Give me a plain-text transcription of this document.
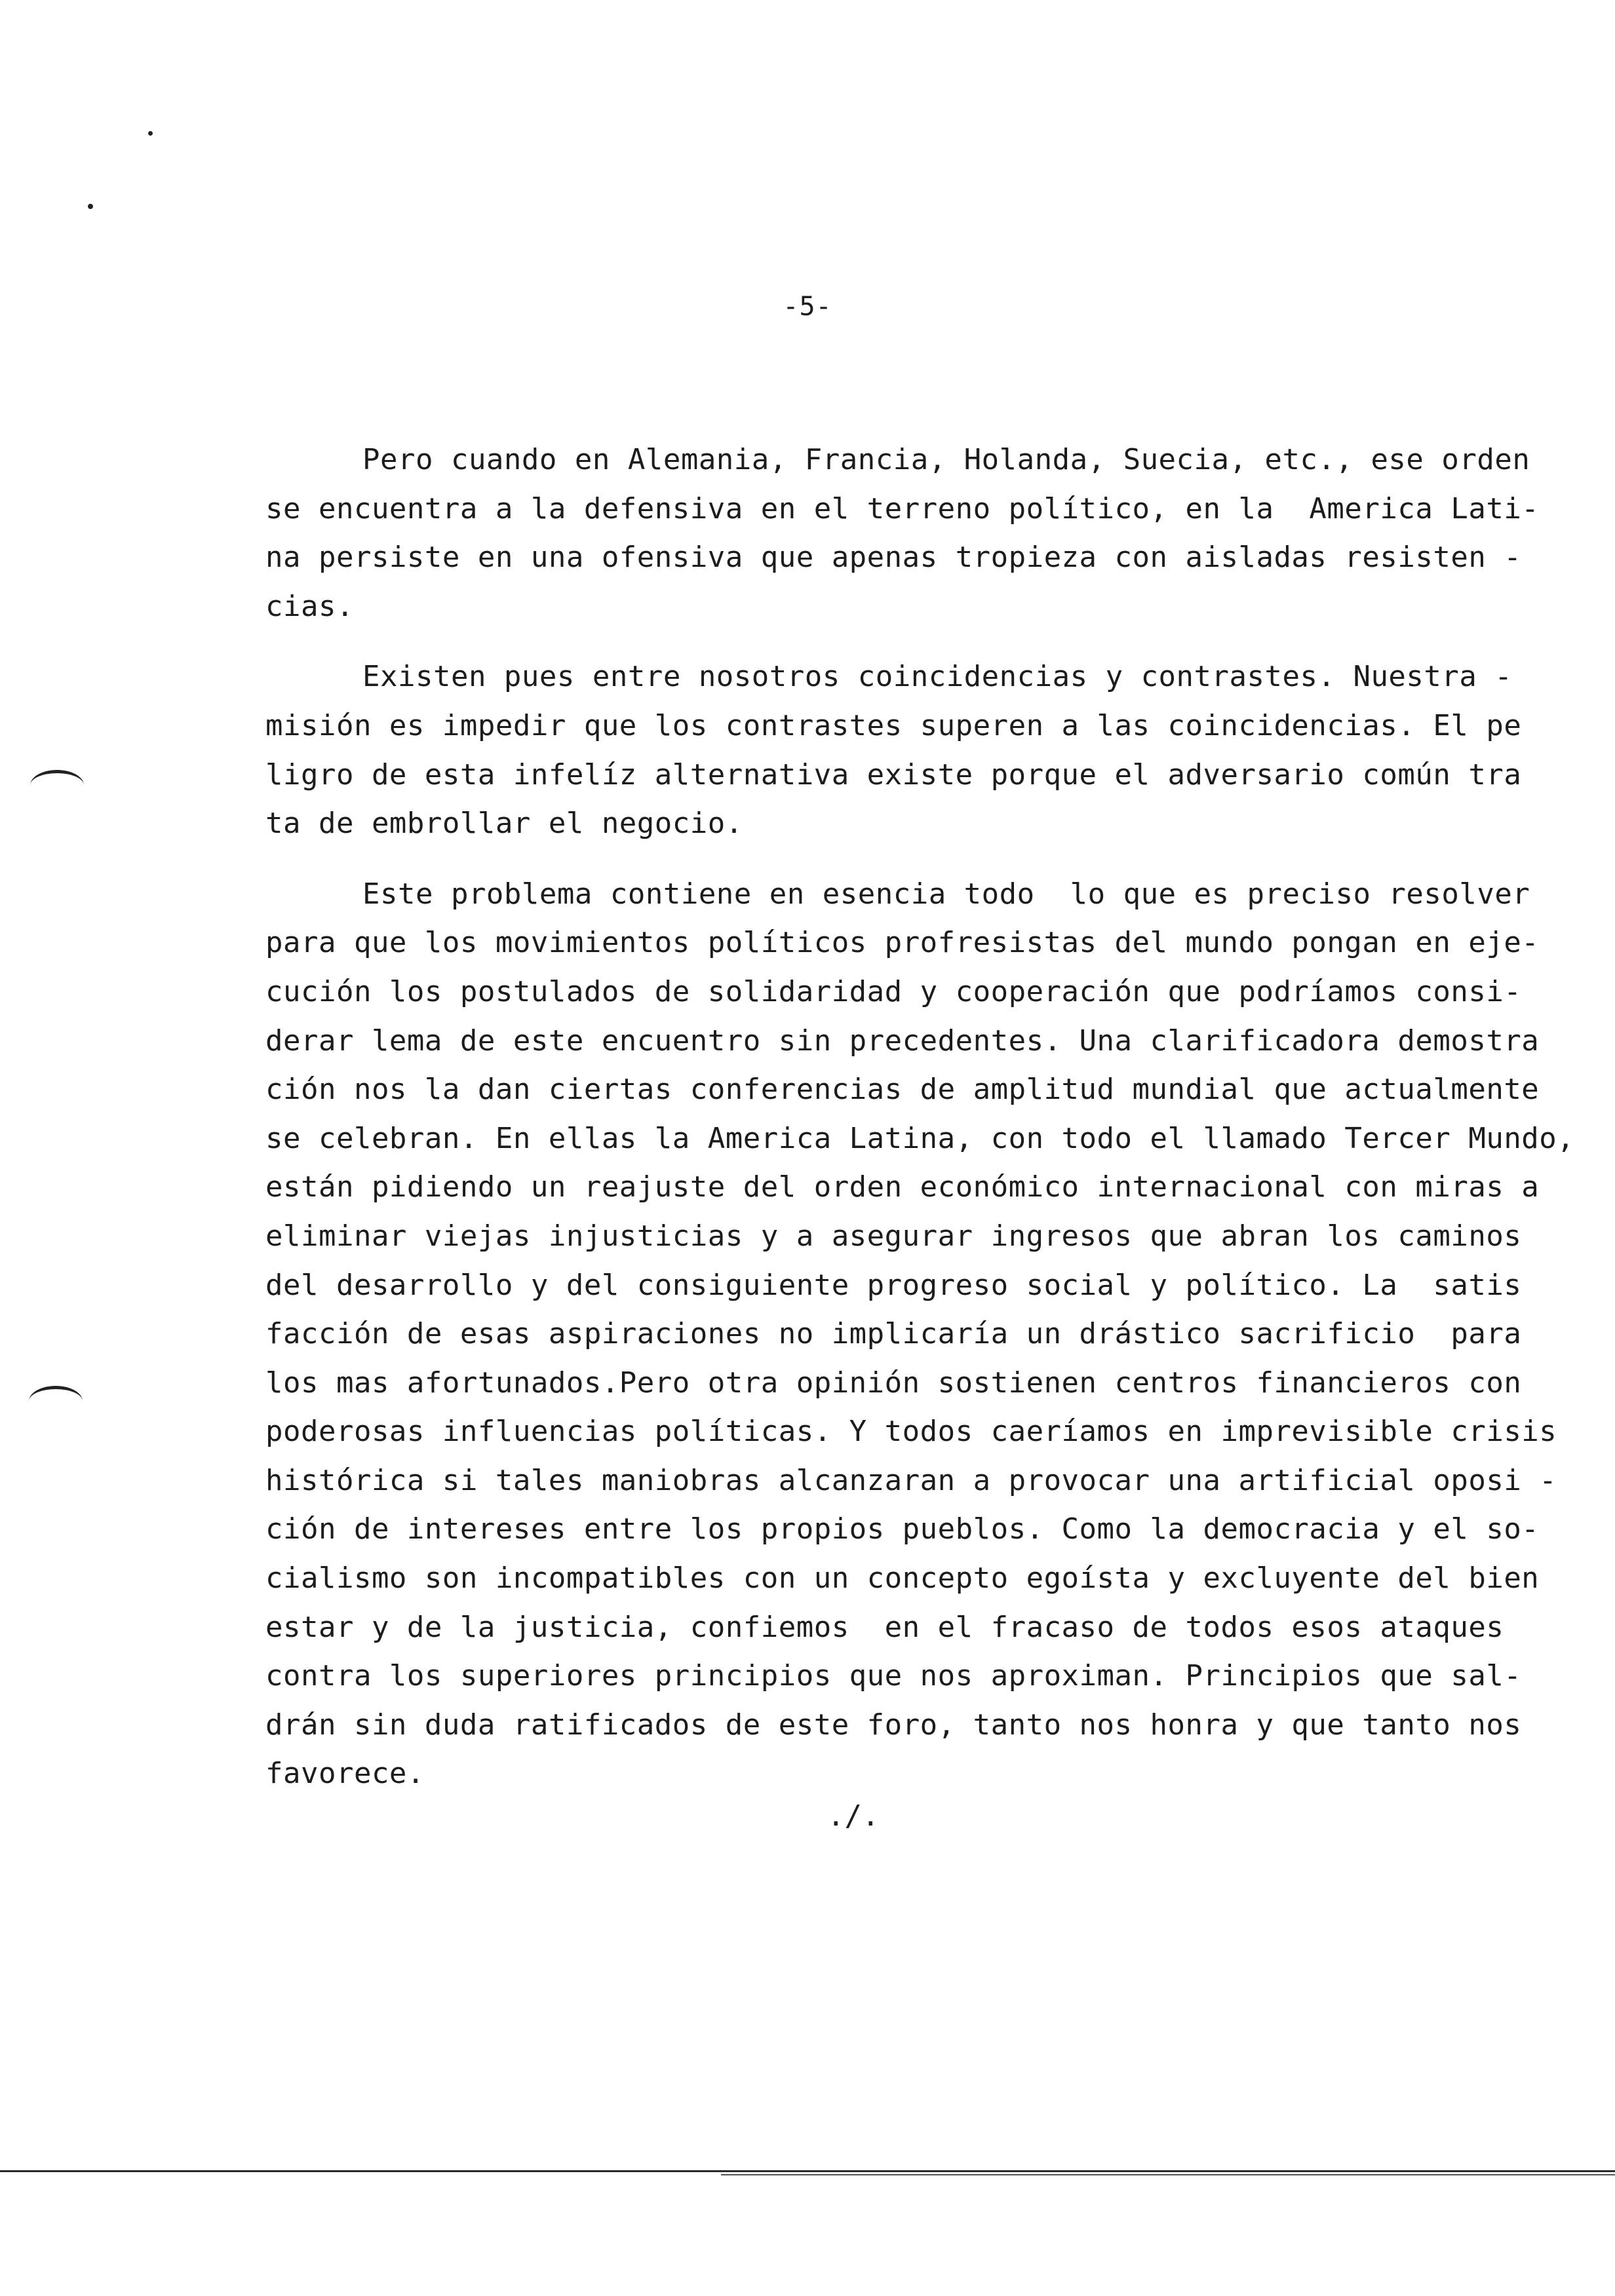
-5-
Pero cuando en Alemania, Francia, Holanda, Suecia, etc., ese orden
se encuentra a la defensiva en el terreno político, en la  America Lati-
na persiste en una ofensiva que apenas tropieza con aisladas resisten -
cias.
Existen pues entre nosotros coincidencias y contrastes. Nuestra -
misión es impedir que los contrastes superen a las coincidencias. El pe
ligro de esta infelíz alternativa existe porque el adversario común tra
ta de embrollar el negocio.
Este problema contiene en esencia todo  lo que es preciso resolver
para que los movimientos políticos profresistas del mundo pongan en eje-
cución los postulados de solidaridad y cooperación que podríamos consi-
derar lema de este encuentro sin precedentes. Una clarificadora demostra
ción nos la dan ciertas conferencias de amplitud mundial que actualmente
se celebran. En ellas la America Latina, con todo el llamado Tercer Mundo,
están pidiendo un reajuste del orden económico internacional con miras a
eliminar viejas injusticias y a asegurar ingresos que abran los caminos
del desarrollo y del consiguiente progreso social y político. La  satis
facción de esas aspiraciones no implicaría un drástico sacrificio  para
los mas afortunados.Pero otra opinión sostienen centros financieros con
poderosas influencias políticas. Y todos caeríamos en imprevisible crisis
histórica si tales maniobras alcanzaran a provocar una artificial oposi -
ción de intereses entre los propios pueblos. Como la democracia y el so-
cialismo son incompatibles con un concepto egoísta y excluyente del bien
estar y de la justicia, confiemos  en el fracaso de todos esos ataques
contra los superiores principios que nos aproximan. Principios que sal-
drán sin duda ratificados de este foro, tanto nos honra y que tanto nos
favorece.
./.
